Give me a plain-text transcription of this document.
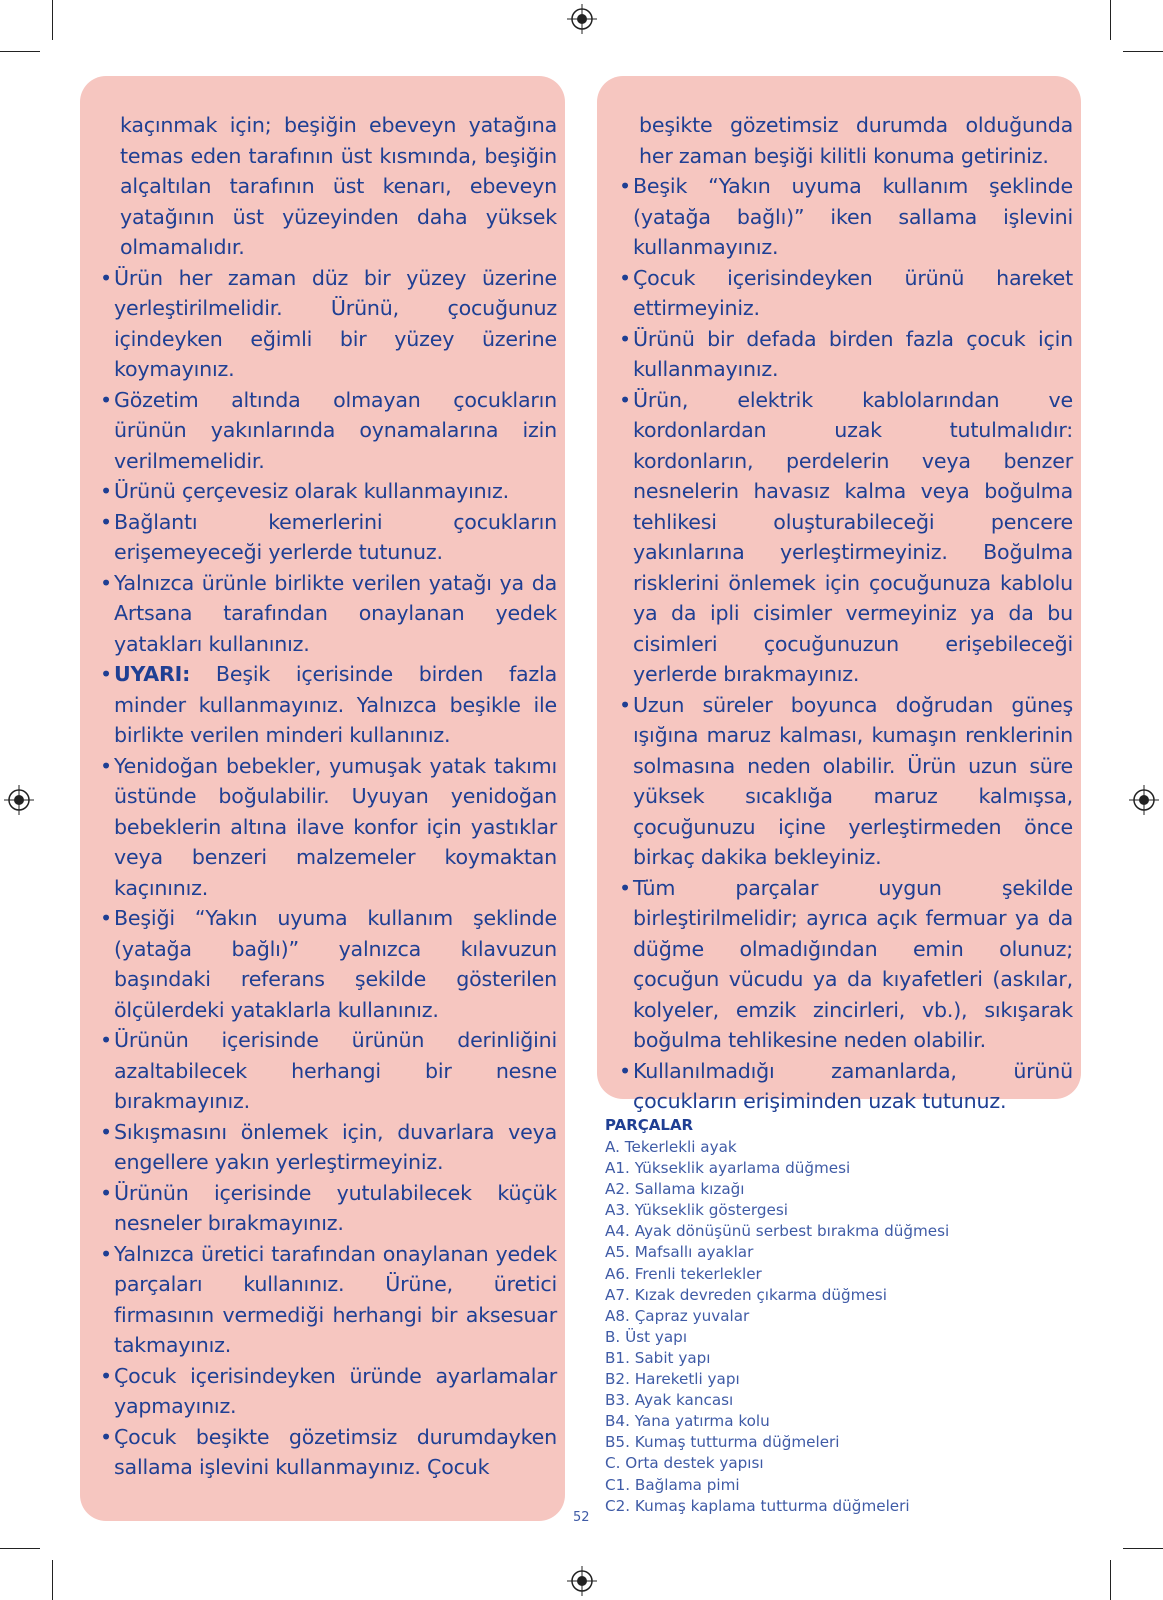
kaçınmak için; beşiğin ebeveyn yatağına temas eden tarafının üst kısmında, beşiğin alçaltılan tarafının üst kenarı, ebeveyn yatağının üst yüzeyinden daha yüksek olmamalıdır.
• Ürün her zaman düz bir yüzey üzerine yerleştirilmelidir. Ürünü, çocuğunuz içindeyken eğimli bir yüzey üzerine koymayınız.
• Gözetim altında olmayan çocukların ürünün yakınlarında oynamalarına izin verilmemelidir.
• Ürünü çerçevesiz olarak kullanmayınız.
• Bağlantı kemerlerini çocukların erişemeyeceği yerlerde tutunuz.
• Yalnızca ürünle birlikte verilen yatağı ya da Artsana tarafından onaylanan yedek yatakları kullanınız.
• UYARI: Beşik içerisinde birden fazla minder kullanmayınız. Yalnızca beşikle ile birlikte verilen minderi kullanınız.
• Yenidoğan bebekler, yumuşak yatak takımı üstünde boğulabilir. Uyuyan yenidoğan bebeklerin altına ilave konfor için yastıklar veya benzeri malzemeler koymaktan kaçınınız.
• Beşiği “Yakın uyuma kullanım şeklinde (yatağa bağlı)” yalnızca kılavuzun başındaki referans şekilde gösterilen ölçülerdeki yataklarla kullanınız.
• Ürünün içerisinde ürünün derinliğini azaltabilecek herhangi bir nesne bırakmayınız.
• Sıkışmasını önlemek için, duvarlara veya engellere yakın yerleştirmeyiniz.
• Ürünün içerisinde yutulabilecek küçük nesneler bırakmayınız.
• Yalnızca üretici tarafından onaylanan yedek parçaları kullanınız. Ürüne, üretici firmasının vermediği herhangi bir aksesuar takmayınız.
• Çocuk içerisindeyken üründe ayarlamalar yapmayınız.
• Çocuk beşikte gözetimsiz durumdayken sallama işlevini kullanmayınız. Çocuk
beşikte gözetimsiz durumda olduğunda her zaman beşiği kilitli konuma getiriniz.
• Beşik “Yakın uyuma kullanım şeklinde (yatağa bağlı)” iken sallama işlevini kullanmayınız.
• Çocuk içerisindeyken ürünü hareket ettirmeyiniz.
• Ürünü bir defada birden fazla çocuk için kullanmayınız.
• Ürün, elektrik kablolarından ve kordonlardan uzak tutulmalıdır: kordonların, perdelerin veya benzer nesnelerin havasız kalma veya boğulma tehlikesi oluşturabileceği pencere yakınlarına yerleştirmeyiniz. Boğulma risklerini önlemek için çocuğunuza kablolu ya da ipli cisimler vermeyiniz ya da bu cisimleri çocuğunuzun erişebileceği yerlerde bırakmayınız.
• Uzun süreler boyunca doğrudan güneş ışığına maruz kalması, kumaşın renklerinin solmasına neden olabilir. Ürün uzun süre yüksek sıcaklığa maruz kalmışsa, çocuğunuzu içine yerleştirmeden önce birkaç dakika bekleyiniz.
• Tüm parçalar uygun şekilde birleştirilmelidir; ayrıca açık fermuar ya da düğme olmadığından emin olunuz; çocuğun vücudu ya da kıyafetleri (askılar, kolyeler, emzik zincirleri, vb.), sıkışarak boğulma tehlikesine neden olabilir.
• Kullanılmadığı zamanlarda, ürünü çocukların erişiminden uzak tutunuz.
PARÇALAR
A. Tekerlekli ayak
A1. Yükseklik ayarlama düğmesi
A2. Sallama kızağı
A3. Yükseklik göstergesi
A4. Ayak dönüşünü serbest bırakma düğmesi
A5. Mafsallı ayaklar
A6. Frenli tekerlekler
A7. Kızak devreden çıkarma düğmesi
A8. Çapraz yuvalar
B. Üst yapı
B1. Sabit yapı
B2. Hareketli yapı
B3. Ayak kancası
B4. Yana yatırma kolu
B5. Kumaş tutturma düğmeleri
C. Orta destek yapısı
C1. Bağlama pimi
C2. Kumaş kaplama tutturma düğmeleri
52
